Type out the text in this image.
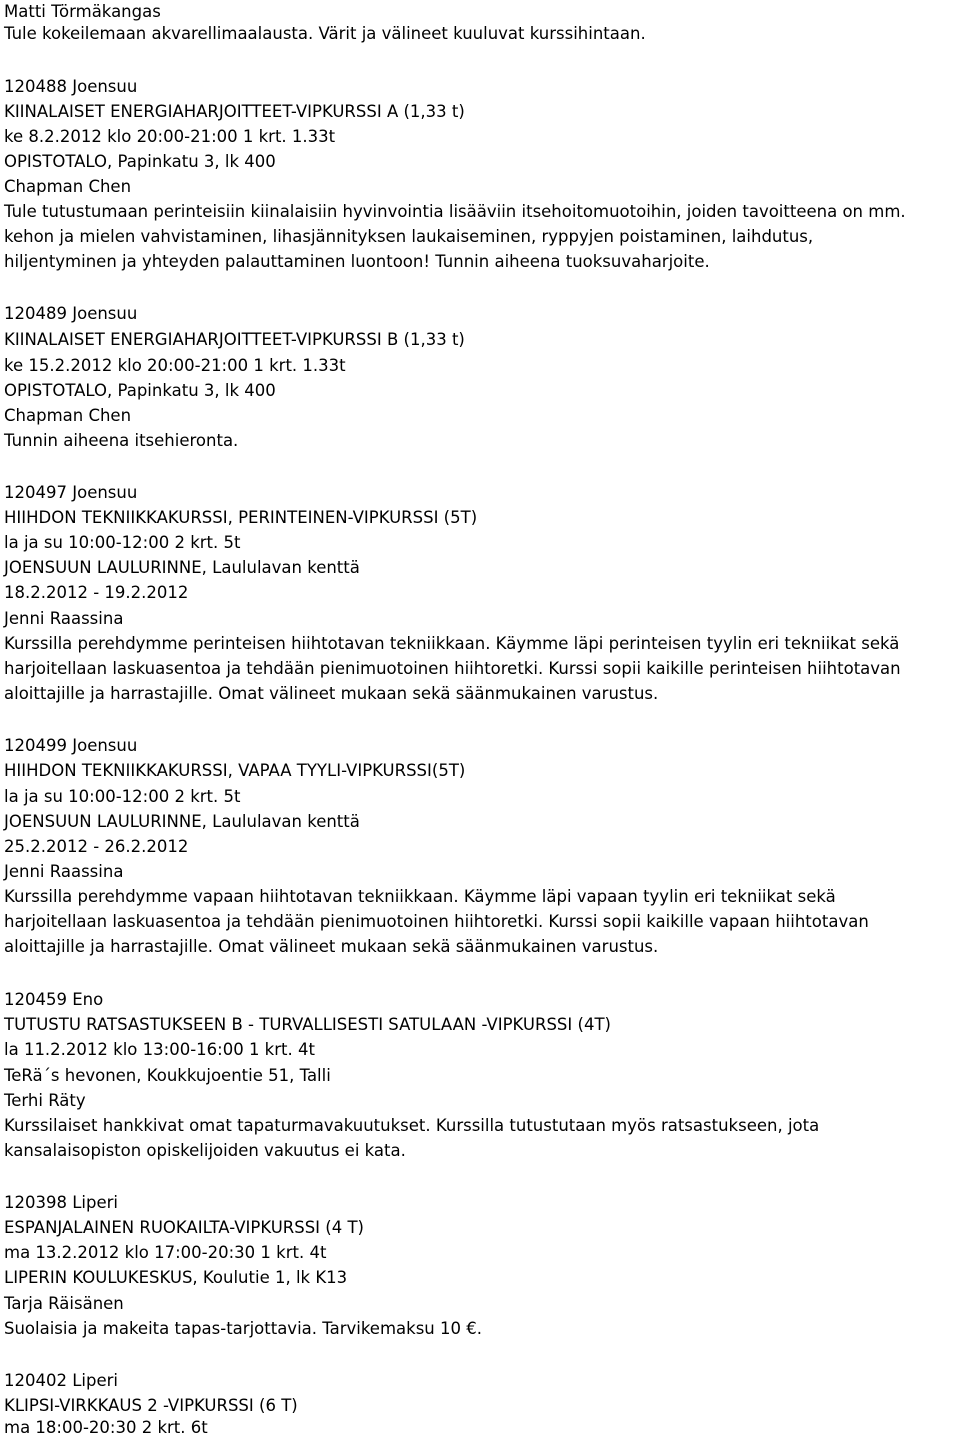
Matti Törmäkangas
Tule kokeilemaan akvarellimaalausta. Värit ja välineet kuuluvat kurssihintaan.
120488 Joensuu
KIINALAISET ENERGIAHARJOITTEET-VIPKURSSI A (1,33 t)
ke 8.2.2012 klo 20:00-21:00 1 krt. 1.33t
OPISTOTALO, Papinkatu 3, lk 400
Chapman Chen
Tule tutustumaan perinteisiin kiinalaisiin hyvinvointia lisääviin itsehoitomuotoihin, joiden tavoitteena on mm.
kehon ja mielen vahvistaminen, lihasjännityksen laukaiseminen, ryppyjen poistaminen, laihdutus,
hiljentyminen ja yhteyden palauttaminen luontoon! Tunnin aiheena tuoksuvaharjoite.
120489 Joensuu
KIINALAISET ENERGIAHARJOITTEET-VIPKURSSI B (1,33 t)
ke 15.2.2012 klo 20:00-21:00 1 krt. 1.33t
OPISTOTALO, Papinkatu 3, lk 400
Chapman Chen
Tunnin aiheena itsehieronta.
120497 Joensuu
HIIHDON TEKNIIKKAKURSSI, PERINTEINEN-VIPKURSSI (5T)
la ja su 10:00-12:00 2 krt. 5t
JOENSUUN LAULURINNE, Laululavan kenttä
18.2.2012 - 19.2.2012
Jenni Raassina
Kurssilla perehdymme perinteisen hiihtotavan tekniikkaan. Käymme läpi perinteisen tyylin eri tekniikat sekä
harjoitellaan laskuasentoa ja tehdään pienimuotoinen hiihtoretki. Kurssi sopii kaikille perinteisen hiihtotavan
aloittajille ja harrastajille. Omat välineet mukaan sekä säänmukainen varustus.
120499 Joensuu
HIIHDON TEKNIIKKAKURSSI, VAPAA TYYLI-VIPKURSSI(5T)
la ja su 10:00-12:00 2 krt. 5t
JOENSUUN LAULURINNE, Laululavan kenttä
25.2.2012 - 26.2.2012
Jenni Raassina
Kurssilla perehdymme vapaan hiihtotavan tekniikkaan. Käymme läpi vapaan tyylin eri tekniikat sekä
harjoitellaan laskuasentoa ja tehdään pienimuotoinen hiihtoretki. Kurssi sopii kaikille vapaan hiihtotavan
aloittajille ja harrastajille. Omat välineet mukaan sekä säänmukainen varustus.
120459 Eno
TUTUSTU RATSASTUKSEEN B - TURVALLISESTI SATULAAN -VIPKURSSI (4T)
la 11.2.2012 klo 13:00-16:00 1 krt. 4t
TeRä´s hevonen, Koukkujoentie 51, Talli
Terhi Räty
Kurssilaiset hankkivat omat tapaturmavakuutukset. Kurssilla tutustutaan myös ratsastukseen, jota
kansalaisopiston opiskelijoiden vakuutus ei kata.
120398 Liperi
ESPANJALAINEN RUOKAILTA-VIPKURSSI (4 T)
ma 13.2.2012 klo 17:00-20:30 1 krt. 4t
LIPERIN KOULUKESKUS, Koulutie 1, lk K13
Tarja Räisänen
Suolaisia ja makeita tapas-tarjottavia. Tarvikemaksu 10 €.
120402 Liperi
KLIPSI-VIRKKAUS 2 -VIPKURSSI (6 T)
ma 18:00-20:30 2 krt. 6t
